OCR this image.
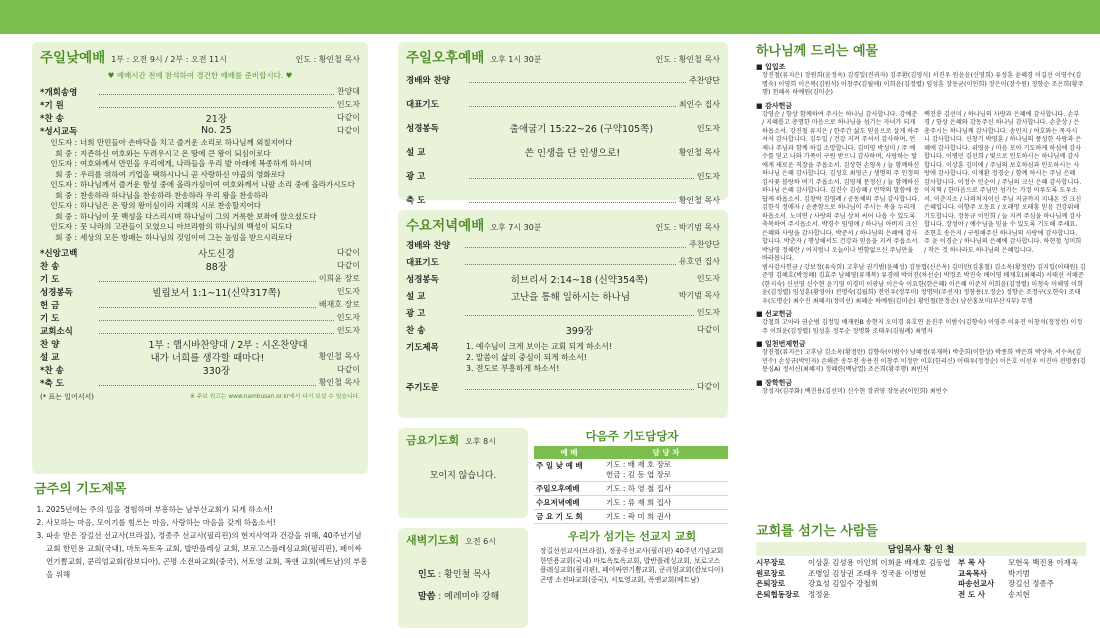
주일낮예배 1부 : 오전 9시 / 2부 : 오전 11시	인도 : 황인철 목사
♥ 예배시간 전에 참석하여 경건한 예배를 준비합시다. ♥
*개회송영	찬양대
*기 원	인도자
*찬 송	21장	다같이
*성시교독	No. 25	다같이
인도자 : 너희 만민들아 손바닥을 치고 즐거운 소리로 하나님께 외칠지어다
회 중 : 지존하신 여호와는 두려우시고 온 땅에 큰 왕이 되심이로다
인도자 : 여호와께서 만민을 우리에게, 나라들을 우리 발 아래에 복종하게 하시며
회 중 : 우리를 위하여 기업을 택하시나니 곧 사랑하신 야곱의 영화로다
인도자 : 하나님께서 즐거운 함성 중에 올라가심이여 여호와께서 나팔 소리 중에 올라가시도다
회 중 : 찬송하라 하나님을 찬송하라 찬송하라 우리 왕을 찬송하라
인도자 : 하나님은 온 땅의 왕이심이라 지혜의 시로 찬송할지어다
회 중 : 하나님이 뭇 백성을 다스리시며 하나님이 그의 거룩한 보좌에 앉으셨도다
인도자 : 뭇 나라의 고관들이 모였으니 아브라함의 하나님의 백성이 되도다
회 중 : 세상의 모든 방패는 하나님의 것임이여 그는 높임을 받으시리로다
*신앙고백	사도신경	다같이
찬 송	88장	다같이
기 도	이희윤 장로
성경봉독	빌립보서 1:1~11(신약317쪽)	인도자
헌 금	배재호 장로
기 도	인도자
교회소식	인도자
찬 양	1부 : 햅시바찬양대 / 2부 : 시온찬양대
설 교	내가 너희를 생각할 때마다!	황인철 목사
*찬 송	330장	다같이
*축 도	황인철 목사
(* 표는 일어서서)	※ 주보 원고는 www.nambusan.or.kr에서 다시 보실 수 있습니다.
금주의 기도제목
1. 2025년에는 주의 일을 경험하며 부흥하는 남부산교회가 되게 하소서!
2. 사모하는 마음, 모이기를 힘쓰는 마음, 사랑하는 마음을 갖게 하옵소서!
3. 파송 받은 장길선 선교사(브라질), 정종주 선교사(필리핀)의 현지사역과 건강을 위해, 40주년기념교회 한민용 교회(국내), 마토옥토옥 교회, 밥반플레싱 교회, 보로고스플레싱교회(필리핀), 페이싸연기쁨교회, 쿤리엄교회(캄보디아), 곤명 소전파교회(중국), 서토영 교회, 폭앤 교회(베트남)의 부흥을 위해
주일오후예배 오후 1시 30분	인도 : 황인철 목사
경배와 찬양	주찬양단
대표기도	최인수 집사
성경봉독	출애굽기 15:22~26 (구약105쪽)	인도자
설 교	쓴 인생을 단 인생으로!	황인철 목사
광 고	인도자
축 도	황인철 목사
수요저녁예배 오후 7시 30분	인도 : 박기범 목사
경배와 찬양	주찬양단
대표기도	유호연 집사
성경봉독	히브리서 2:14~18 (신약354쪽)	인도자
설 교	고난을 통해 일하시는 하나님	박기범 목사
광 고	인도자
찬 송	399장	다같이
기도제목	1. 예수님이 크게 보이는 교회 되게 하소서!
2. 말씀이 삶의 중심이 되게 하소서!
3. 전도로 부흥하게 하소서!
주기도문	다같이
금요기도회 오후 8시
모이지 않습니다.
다음주 기도담당자
예 배	담 당 자
주 일 낮 예 배	기도 : 배 재 호 장로
헌금 : 김 동 엽 장로
주일오후예배	기도 : 하 영 철 집사
수요저녁예배	기도 : 류 재 희 집사
금 요 기 도 회	기도 : 곽 미 희 권사
새벽기도회 오전 6시
인도 : 황인철 목사
말씀 : 예레미야 강해
우리가 섬기는 선교지 교회
장길선선교사(브라질), 정종주선교사(필리핀) 40주년기념교회 한민용교회(국내) 마토옥토옥교회, 밥반플레싱교회, 보로고스플레싱교회(필리핀), 페이싸연기쁨교회, 쿤리엄교회(캄보디아) 곤명 소전파교회(중국), 서토영교회, 폭앤교회(베트남)
하나님께 드리는 예물
■ 입입조
장진철(류지은) 장원희(윤정옥) 김경일(전귀자) 김주환(김영식) 서진우 원윤윤(신영희) 유성훈 윤혜경 이길선 이영수(김명숙) 이영희 이은복(김원석) 이창주(김월애) 이희윤(김정렬) 임성훈 장동균(이인희) 장은이(장수원) 정향순 조은희(황주행) 천혜옥 하예원(김미순)
■ 감사헌금
강영순 / 항상 함께하여 주시는 하나님 감사합니다. 강예준 / 지혜롭고 총명한 마음으로 하나님을 섬기는 자녀가 되게 하옵소서. 강진철 류지은 / 한주간 삶도 믿음으로 살게 하주셔서 감사합니다. 김두일 / 건강 지켜 주셔서 감사하며, 언제나 주님과 함께 하길 소망합니다. 김미영 박성미 / 주 예수를 믿고 나와 가족이 구원 받으니 감사하며, 사랑하는 딸에게 새로운 직장을 주옵소서. 김상현 손영옥 / 늘 함께하신 하나님 은혜 감사합니다. 김성호 최영근 / 생명의 주 인정의 김사꽃 블랑하 여기 주옵소서. 김영재 문정신 / 늘 함께하신 하나님 은혜 감사합니다. 김진수 김승혜 / 언약의 말씀에 응답케 하옵소서. 김창락 김영례 / 공동체의 주님 감사합니다. 김한식 정애자 / 순종함으로 하나님이 주시는 복을 누리게 하옵소서. 노미연 / 사랑의 주님 상처 씨어 나옵 수 있도록 축복하여 주시옵소서. 박경수 임영애 / 하나님 아버지 크신 은혜와 사랑을 감사합니다. 박준서 / 하나님의 은혜에 감사합니다. 박춘자 / 행상해서도 건강과 믿음을 지켜 주옵소서. 박남영 정해란 / 어지럼니 오늘이나 변함없으신 주님만을 바라봅니다.
백진룡 김선미 / 하나님의 사랑과 은혜에 감사합니다. 손부경 / 항상 은혜와 감동주신 하나님 감사합니다. 손춘상 / 은총주시는 하나님께 감사합니다. 송민지 / 여호와는 목자시니 감사합니다. 신창기 박영훈 / 하나님의 풍성한 사랑과 은혜에 감사합니다. 위영윤 / 마음 모아 기도하게 하심에 감사합니다. 이병민 김선희 / 빛으로 인도하시는 하나님께 감사합니다. 이상훈 김미애 / 주님의 보호하심과 인도하시는 사랑에 감사합니다. 이재환 정경순 / 함께 하시는 주님 은혜 감사합니다. 이정수 민순이 / 주님의 크신 은혜 감사합니다. 이지혁 / 한마음으로 주님만 섬기는 가정 이루도록 도우소서. 이춘지소 / 나의처지이신 주님 지금까지 지내온 것 크신 은혜입니다. 이향주 오동요 / 오래멍 오래홍 믿음 건강위해 기도합니다. 장동규 이인희 / 늘 지켜 주심을 하나님께 감사합니다. 장성아 / 예수님을 믿을 수 있도록 기도해 주세요. 조현호 송은지 / 구원해주신 하나님의 사랑에 감사합니다. 주 윤 이경순 / 하나님의 은혜에 감사합니다. 하현철 성미희 / 작은 것 하나라도 하나님의 은혜입니다.
범사감사헌금 / 강보정(유숙희) 고후남 권기범(윤혜성) 김동엽(신은옥) 김미란(김홍철) 김소옥(황정란) 김지일(이태원) 김준영 김혜호(박정혜) 김효주 남혜영(류재복) 류경애 박이진(차선순) 박정조 박진숙 배어영 배재호(최혜리) 서태선 서혜준(한지숙) 신선영 신수현 윤기영 이경미 이광남 이은숙 이요한(한은혜) 이은혜 이준석 이희윤(김정렬) 이청숙 이해영 이희윤(김정렬) 임성훈(황영아) 전명숙(김월희) 전인우(정무미) 정명덕(주선자) 정창용(오정순) 정향순 조정구(오현숙) 조태우(도명순) 최수진 최혜지(정미선) 최혜순 하예원(김미순) 황인철(문정순) 남산홍보미(부산지부) 무명
■ 선교헌금
강철희 고아라 권순범 김정일 배재원B 송현지 오미경 유호연 윤진주 이범수(김향숙) 이영주 이유진 이창석(정정선) 이정주 이희윤(김정렬) 임성훈 정무순 정명화 조태우(김월례) 최명자
■ 일천번제헌금
장진철(류지은) 고후남 김소옥(황정란) 김향숙(이범수) 남혜정(류재복) 박춘희(이한상) 박종희 박은희 박상옥 서수옥(김민수) 손성규(박민자) 손해준 송두천 송용진 이창주 이정만 이호(한리신) 이태우(정정순) 이은호 이선우 이진아 전명종(김봉심A) 정서신(최혜지) 정혜련(백남열) 조은희(황주행) 최빈석
■ 장학헌금
장성자(김주화) 백진용(김선미) 신수현 장귀영 장동균(이인희) 최빈수
교회를 섬기는 사람들
담임목사 황 인 철
시무장로	이상훈 김성용 이인희 이희윤 배재호 김동엽	부 목 사	모현욱 백진용 이재욱
원로장로	조병일 김상권 조태우 정국윤 이병현	교육목사	박기범
은퇴장로	강효성 김일수 강철희	파송선교사	장길선 정종주
은퇴협동장로	정정윤	전 도 사	송지현
